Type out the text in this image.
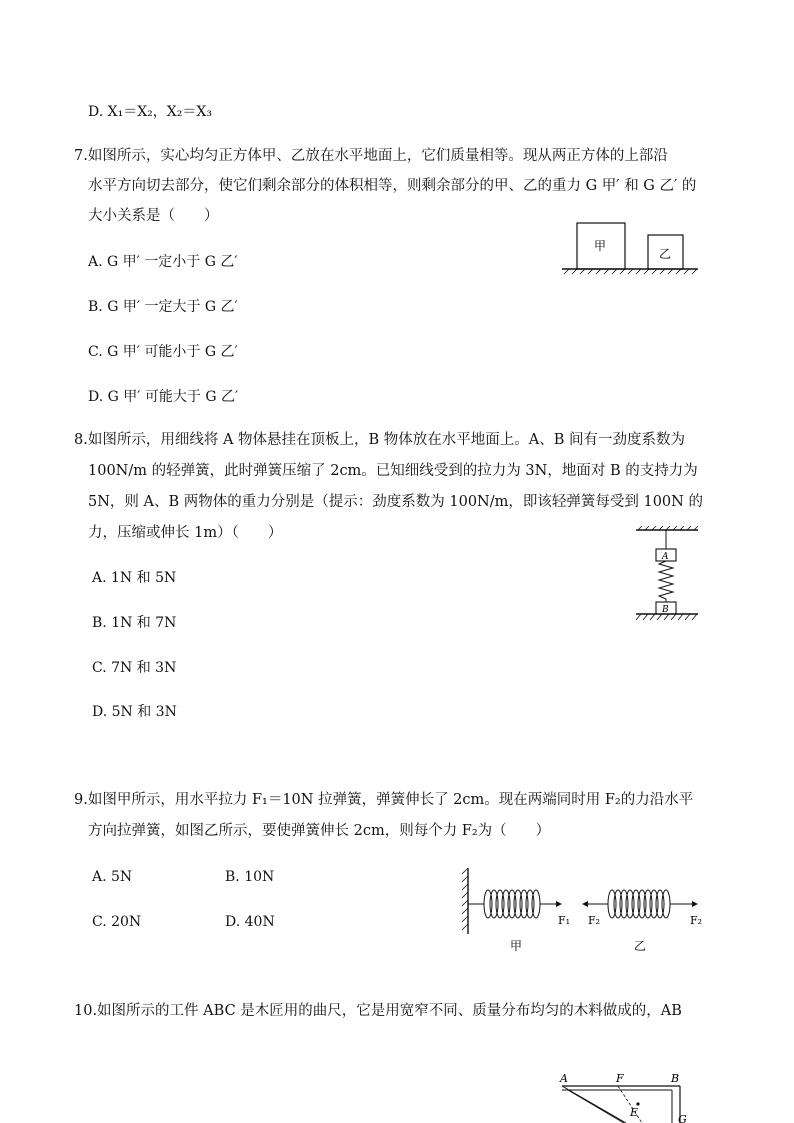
D. X₁＝X₂，X₂＝X₃
7.如图所示，实心均匀正方体甲、乙放在水平地面上，它们质量相等。现从两正方体的上部沿
水平方向切去部分，使它们剩余部分的体积相等，则剩余部分的甲、乙的重力 G 甲′ 和 G 乙′ 的
大小关系是（　　）
A. G 甲′ 一定小于 G 乙′
B. G 甲′ 一定大于 G 乙′
C. G 甲′ 可能小于 G 乙′
D. G 甲′ 可能大于 G 乙′
甲
乙
8.如图所示，用细线将 A 物体悬挂在顶板上，B 物体放在水平地面上。A、B 间有一劲度系数为
100N/m 的轻弹簧，此时弹簧压缩了 2cm。已知细线受到的拉力为 3N，地面对 B 的支持力为
5N，则 A、B 两物体的重力分别是（提示：劲度系数为 100N/m，即该轻弹簧每受到 100N 的
力，压缩或伸长 1m）（　　）
A. 1N 和 5N
B. 1N 和 7N
C. 7N 和 3N
D. 5N 和 3N
A
B
9.如图甲所示，用水平拉力 F₁＝10N 拉弹簧，弹簧伸长了 2cm。现在两端同时用 F₂的力沿水平
方向拉弹簧，如图乙所示，要使弹簧伸长 2cm，则每个力 F₂为（　　）
A. 5N	B. 10N
C. 20N	D. 40N	F₁
甲
F₂	F₂
乙
10.如图所示的工件 ABC 是木匠用的曲尺，它是用宽窄不同、质量分布均匀的木料做成的，AB
A	F	B
E
G
